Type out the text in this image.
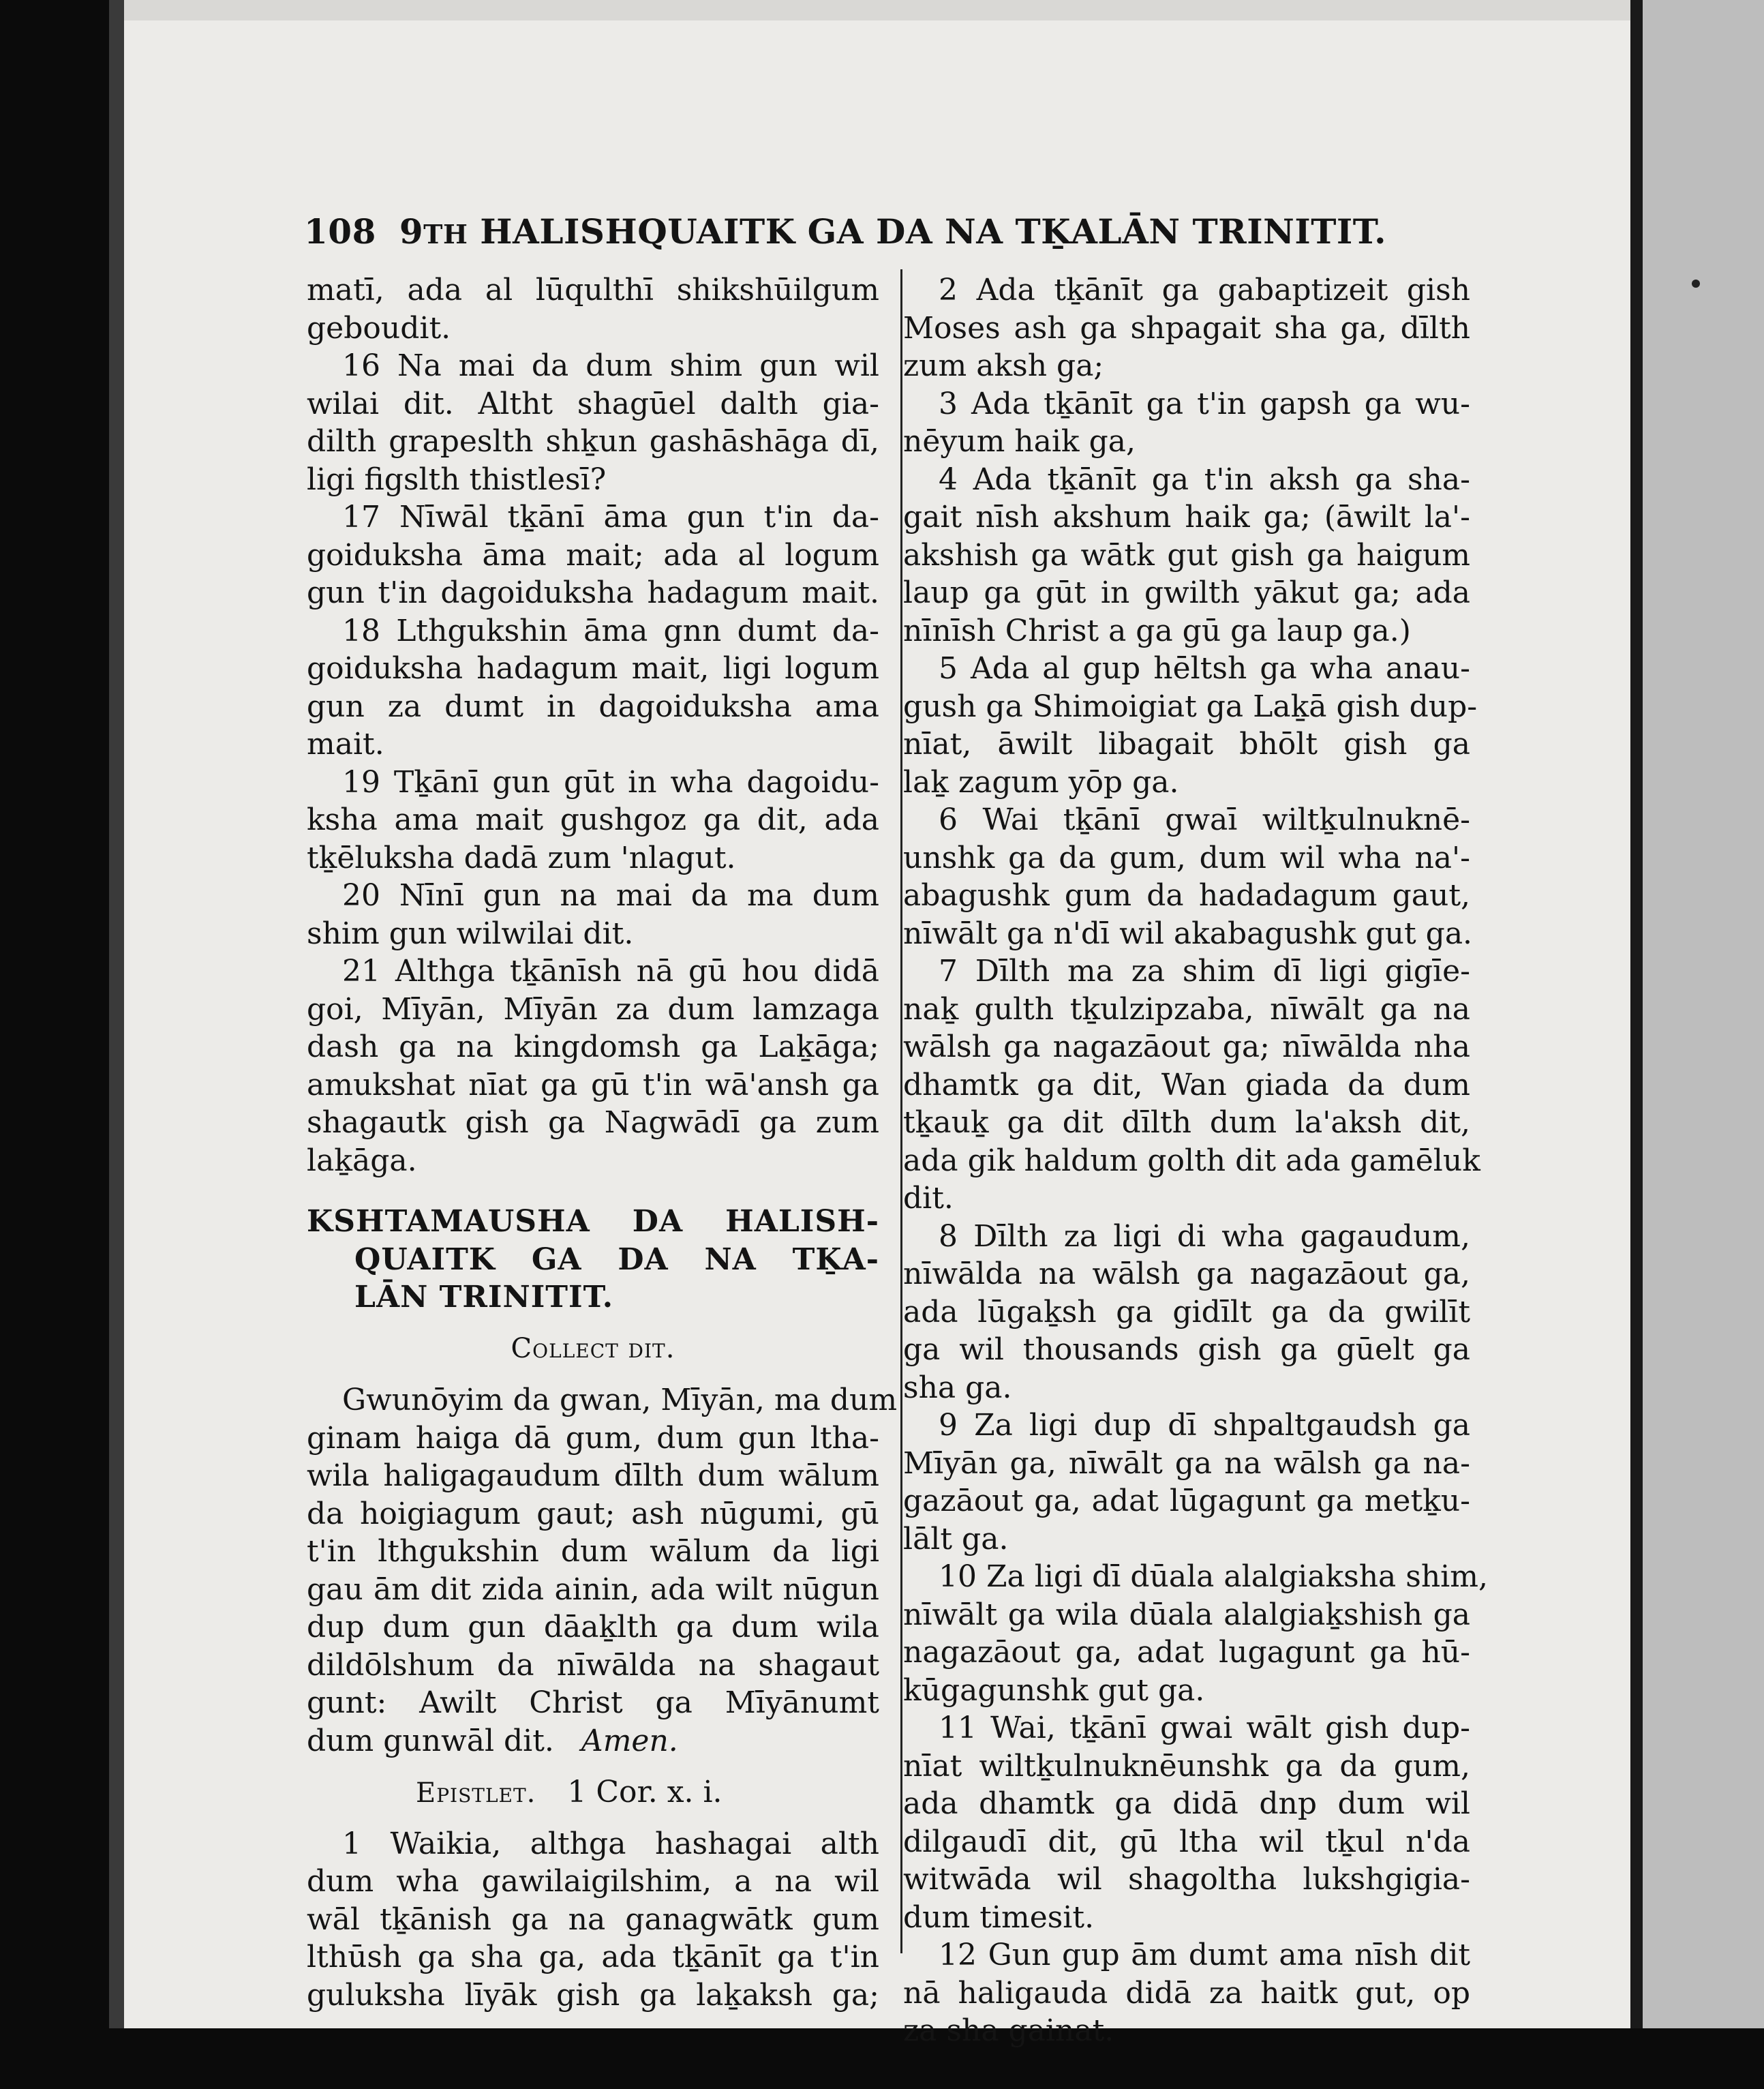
108 9TH HALISHQUAITK GA DA NA TḴALĀN TRINITIT.
matī, ada al lūqulthī shikshūilgum
geboudit.
16 Na mai da dum shim gun wil
wilai dit. Altht shagūel dalth gia-
dilth grapeslth shḵun gashāshāga dī,
ligi figslth thistlesī?
17 Nīwāl tḵānī āma gun t'in da-
goiduksha āma mait; ada al logum
gun t'in dagoiduksha hadagum mait.
18 Lthgukshin āma gnn dumt da-
goiduksha hadagum mait, ligi logum
gun za dumt in dagoiduksha ama
mait.
19 Tḵānī gun gūt in wha dagoidu-
ksha ama mait gushgoz ga dit, ada
tḵēluksha dadā zum 'nlagut.
20 Nīnī gun na mai da ma dum
shim gun wilwilai dit.
21 Althga tḵānīsh nā gū hou didā
goi, Mīyān, Mīyān za dum lamzaga
dash ga na kingdomsh ga Laḵāga;
amukshat nīat ga gū t'in wā'ansh ga
shagautk gish ga Nagwādī ga zum
laḵāga.
KSHTAMAUSHA DA HALISH-
QUAITK GA DA NA TḴA-
LĀN TRINITIT.
Collect dit.
Gwunōyim da gwan, Mīyān, ma dum
ginam haiga dā gum, dum gun ltha-
wila haligagaudum dīlth dum wālum
da hoigiagum gaut; ash nūgumi, gū
t'in lthgukshin dum wālum da ligi
gau ām dit zida ainin, ada wilt nūgun
dup dum gun dāaḵlth ga dum wila
dildōlshum da nīwālda na shagaut
gunt: Awilt Christ ga Mīyānumt
dum gunwāl dit. Amen.
Epistlet. 1 Cor. x. i.
1 Waikia, althga hashagai alth
dum wha gawilaigilshim, a na wil
wāl tḵānish ga na ganagwātk gum
lthūsh ga sha ga, ada tḵānīt ga t'in
guluksha līyāk gish ga laḵaksh ga;
2 Ada tḵānīt ga gabaptizeit gish
Moses ash ga shpagait sha ga, dīlth
zum aksh ga;
3 Ada tḵānīt ga t'in gapsh ga wu-
nēyum haik ga,
4 Ada tḵānīt ga t'in aksh ga sha-
gait nīsh akshum haik ga; (āwilt la'-
akshish ga wātk gut gish ga haigum
laup ga gūt in gwilth yākut ga; ada
nīnīsh Christ a ga gū ga laup ga.)
5 Ada al gup hēltsh ga wha anau-
gush ga Shimoigiat ga Laḵā gish dup-
nīat, āwilt libagait bhōlt gish ga
laḵ zagum yōp ga.
6 Wai tḵānī gwaī wiltḵulnuknē-
unshk ga da gum, dum wil wha na'-
abagushk gum da hadadagum gaut,
nīwālt ga n'dī wil akabagushk gut ga.
7 Dīlth ma za shim dī ligi gigīe-
naḵ gulth tḵulzipzaba, nīwālt ga na
wālsh ga nagazāout ga; nīwālda nha
dhamtk ga dit, Wan giada da dum
tḵauḵ ga dit dīlth dum la'aksh dit,
ada gik haldum golth dit ada gamēluk
dit.
8 Dīlth za ligi di wha gagaudum,
nīwālda na wālsh ga nagazāout ga,
ada lūgaḵsh ga gidīlt ga da gwilīt
ga wil thousands gish ga gūelt ga
sha ga.
9 Za ligi dup dī shpaltgaudsh ga
Mīyān ga, nīwālt ga na wālsh ga na-
gazāout ga, adat lūgagunt ga metḵu-
lālt ga.
10 Za ligi dī dūala alalgiaksha shim,
nīwālt ga wila dūala alalgiaḵshish ga
nagazāout ga, adat lugagunt ga hū-
kūgagunshk gut ga.
11 Wai, tḵānī gwai wālt gish dup-
nīat wiltḵulnuknēunshk ga da gum,
ada dhamtk ga didā dnp dum wil
dilgaudī dit, gū ltha wil tḵul n'da
witwāda wil shagoltha lukshgigia-
dum timesit.
12 Gun gup ām dumt ama nīsh dit
nā haligauda didā za haitk gut, op
za sha gainat.
